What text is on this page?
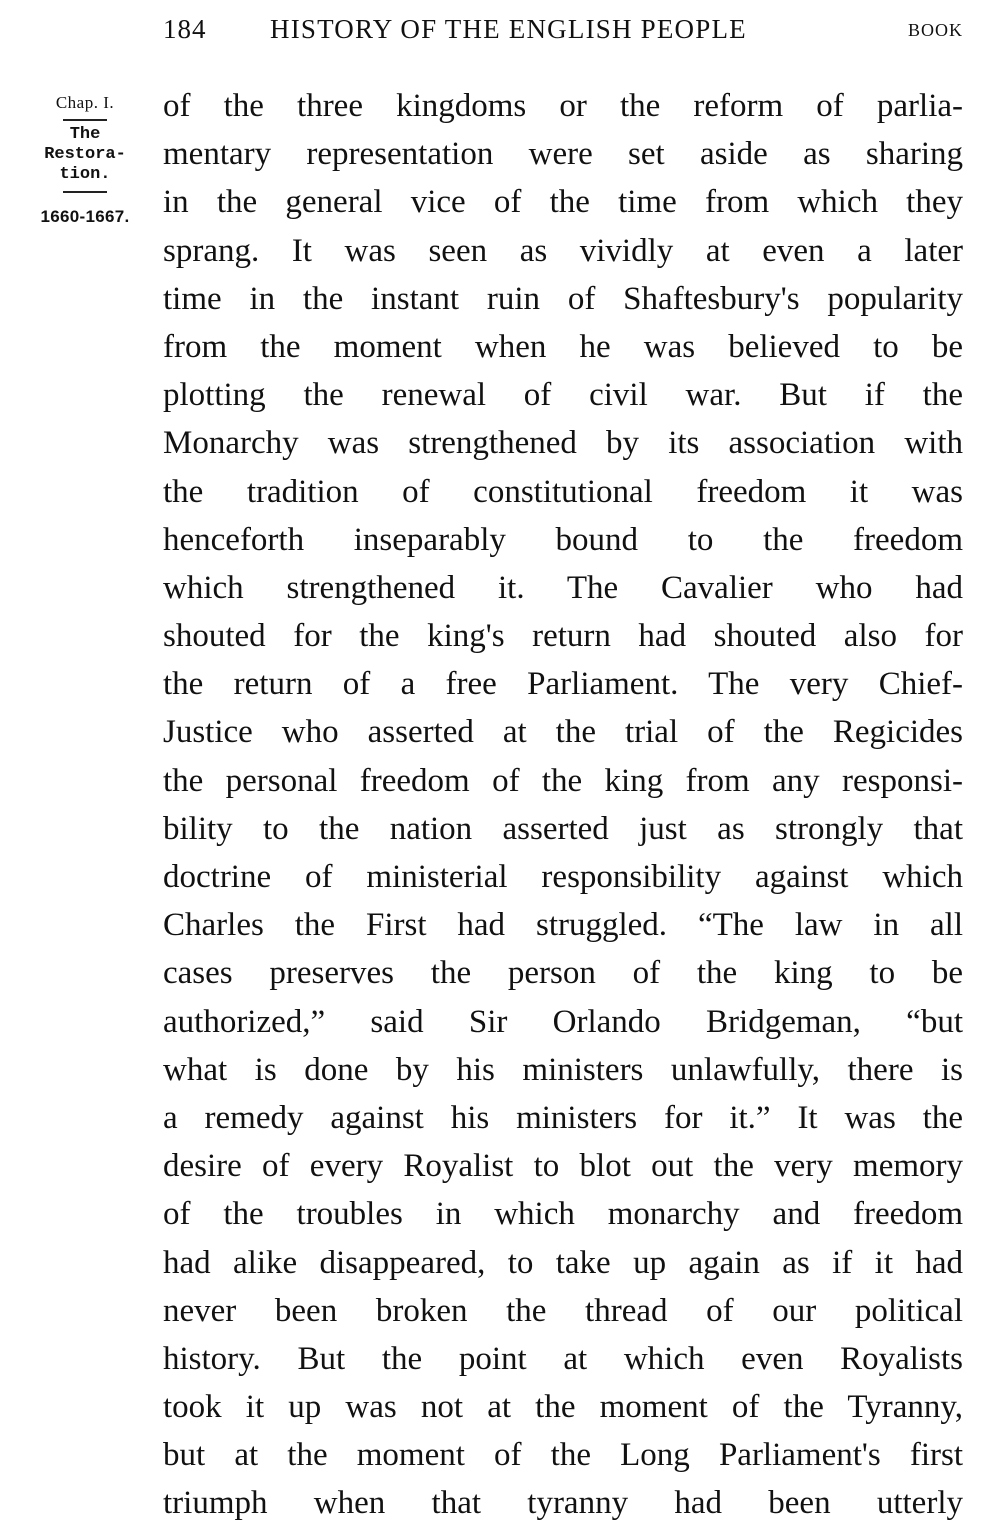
184 HISTORY OF THE ENGLISH PEOPLE	BOOK
Chap. I.
The
Restora-
tion.
1660-1667.
of the three kingdoms or the reform of parlia-
mentary representation were set aside as sharing
in the general vice of the time from which they
sprang. It was seen as vividly at even a later
time in the instant ruin of Shaftesbury's popularity
from the moment when he was believed to be
plotting the renewal of civil war. But if the
Monarchy was strengthened by its association with
the tradition of constitutional freedom it was
henceforth inseparably bound to the freedom
which strengthened it. The Cavalier who had
shouted for the king's return had shouted also for
the return of a free Parliament. The very Chief-
Justice who asserted at the trial of the Regicides
the personal freedom of the king from any responsi-
bility to the nation asserted just as strongly that
doctrine of ministerial responsibility against which
Charles the First had struggled. “The law in all
cases preserves the person of the king to be
authorized,” said Sir Orlando Bridgeman, “but
what is done by his ministers unlawfully, there is
a remedy against his ministers for it.” It was the
desire of every Royalist to blot out the very memory
of the troubles in which monarchy and freedom
had alike disappeared, to take up again as if it had
never been broken the thread of our political
history. But the point at which even Royalists
took it up was not at the moment of the Tyranny,
but at the moment of the Long Parliament's first
triumph when that tyranny had been utterly
